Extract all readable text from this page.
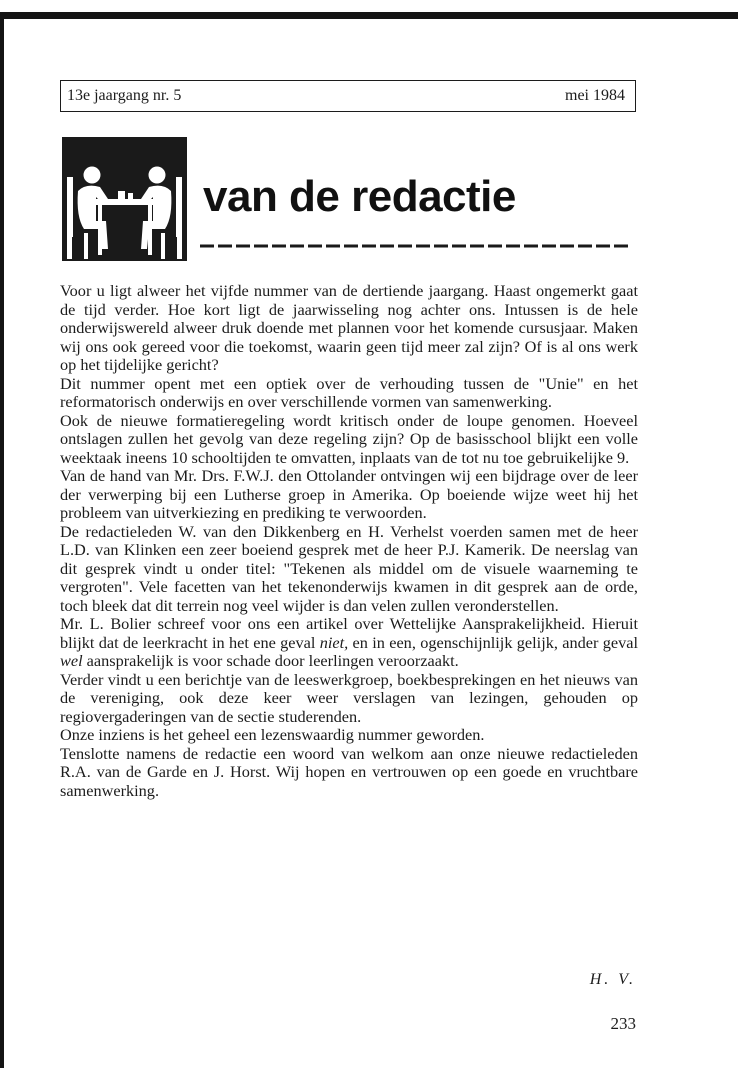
13e jaargang nr. 5	mei 1984
van de redactie

Voor u ligt alweer het vijfde nummer van de dertiende jaargang. Haast ongemerkt gaat de tijd verder. Hoe kort ligt de jaarwisseling nog achter ons. Intussen is de hele onderwijswereld alweer druk doende met plannen voor het komende cursusjaar. Maken wij ons ook gereed voor die toekomst, waarin geen tijd meer zal zijn? Of is al ons werk op het tijdelijke gericht?

Dit nummer opent met een optiek over de verhouding tussen de "Unie" en het reformatorisch onderwijs en over verschillende vormen van samenwerking.

Ook de nieuwe formatieregeling wordt kritisch onder de loupe genomen. Hoeveel ontslagen zullen het gevolg van deze regeling zijn? Op de basisschool blijkt een volle weektaak ineens 10 schooltijden te omvatten, inplaats van de tot nu toe gebruikelijke 9.

Van de hand van Mr. Drs. F.W.J. den Ottolander ontvingen wij een bijdrage over de leer der verwerping bij een Lutherse groep in Amerika. Op boeiende wijze weet hij het probleem van uitverkiezing en prediking te verwoorden.

De redactieleden W. van den Dikkenberg en H. Verhelst voerden samen met de heer L.D. van Klinken een zeer boeiend gesprek met de heer P.J. Kamerik. De neerslag van dit gesprek vindt u onder titel: "Tekenen als middel om de visuele waarneming te vergroten". Vele facetten van het tekenonderwijs kwamen in dit gesprek aan de orde, toch bleek dat dit terrein nog veel wijder is dan velen zullen veronderstellen.

Mr. L. Bolier schreef voor ons een artikel over Wettelijke Aansprakelijkheid. Hieruit blijkt dat de leerkracht in het ene geval niet, en in een, ogenschijnlijk gelijk, ander geval wel aansprakelijk is voor schade door leerlingen veroorzaakt.

Verder vindt u een berichtje van de leeswerkgroep, boekbesprekingen en het nieuws van de vereniging, ook deze keer weer verslagen van lezingen, gehouden op regiovergaderingen van de sectie studerenden.

Onze inziens is het geheel een lezenswaardig nummer geworden.

Tenslotte namens de redactie een woord van welkom aan onze nieuwe redactieleden R.A. van de Garde en J. Horst. Wij hopen en vertrouwen op een goede en vruchtbare samenwerking.

H. V.
233
